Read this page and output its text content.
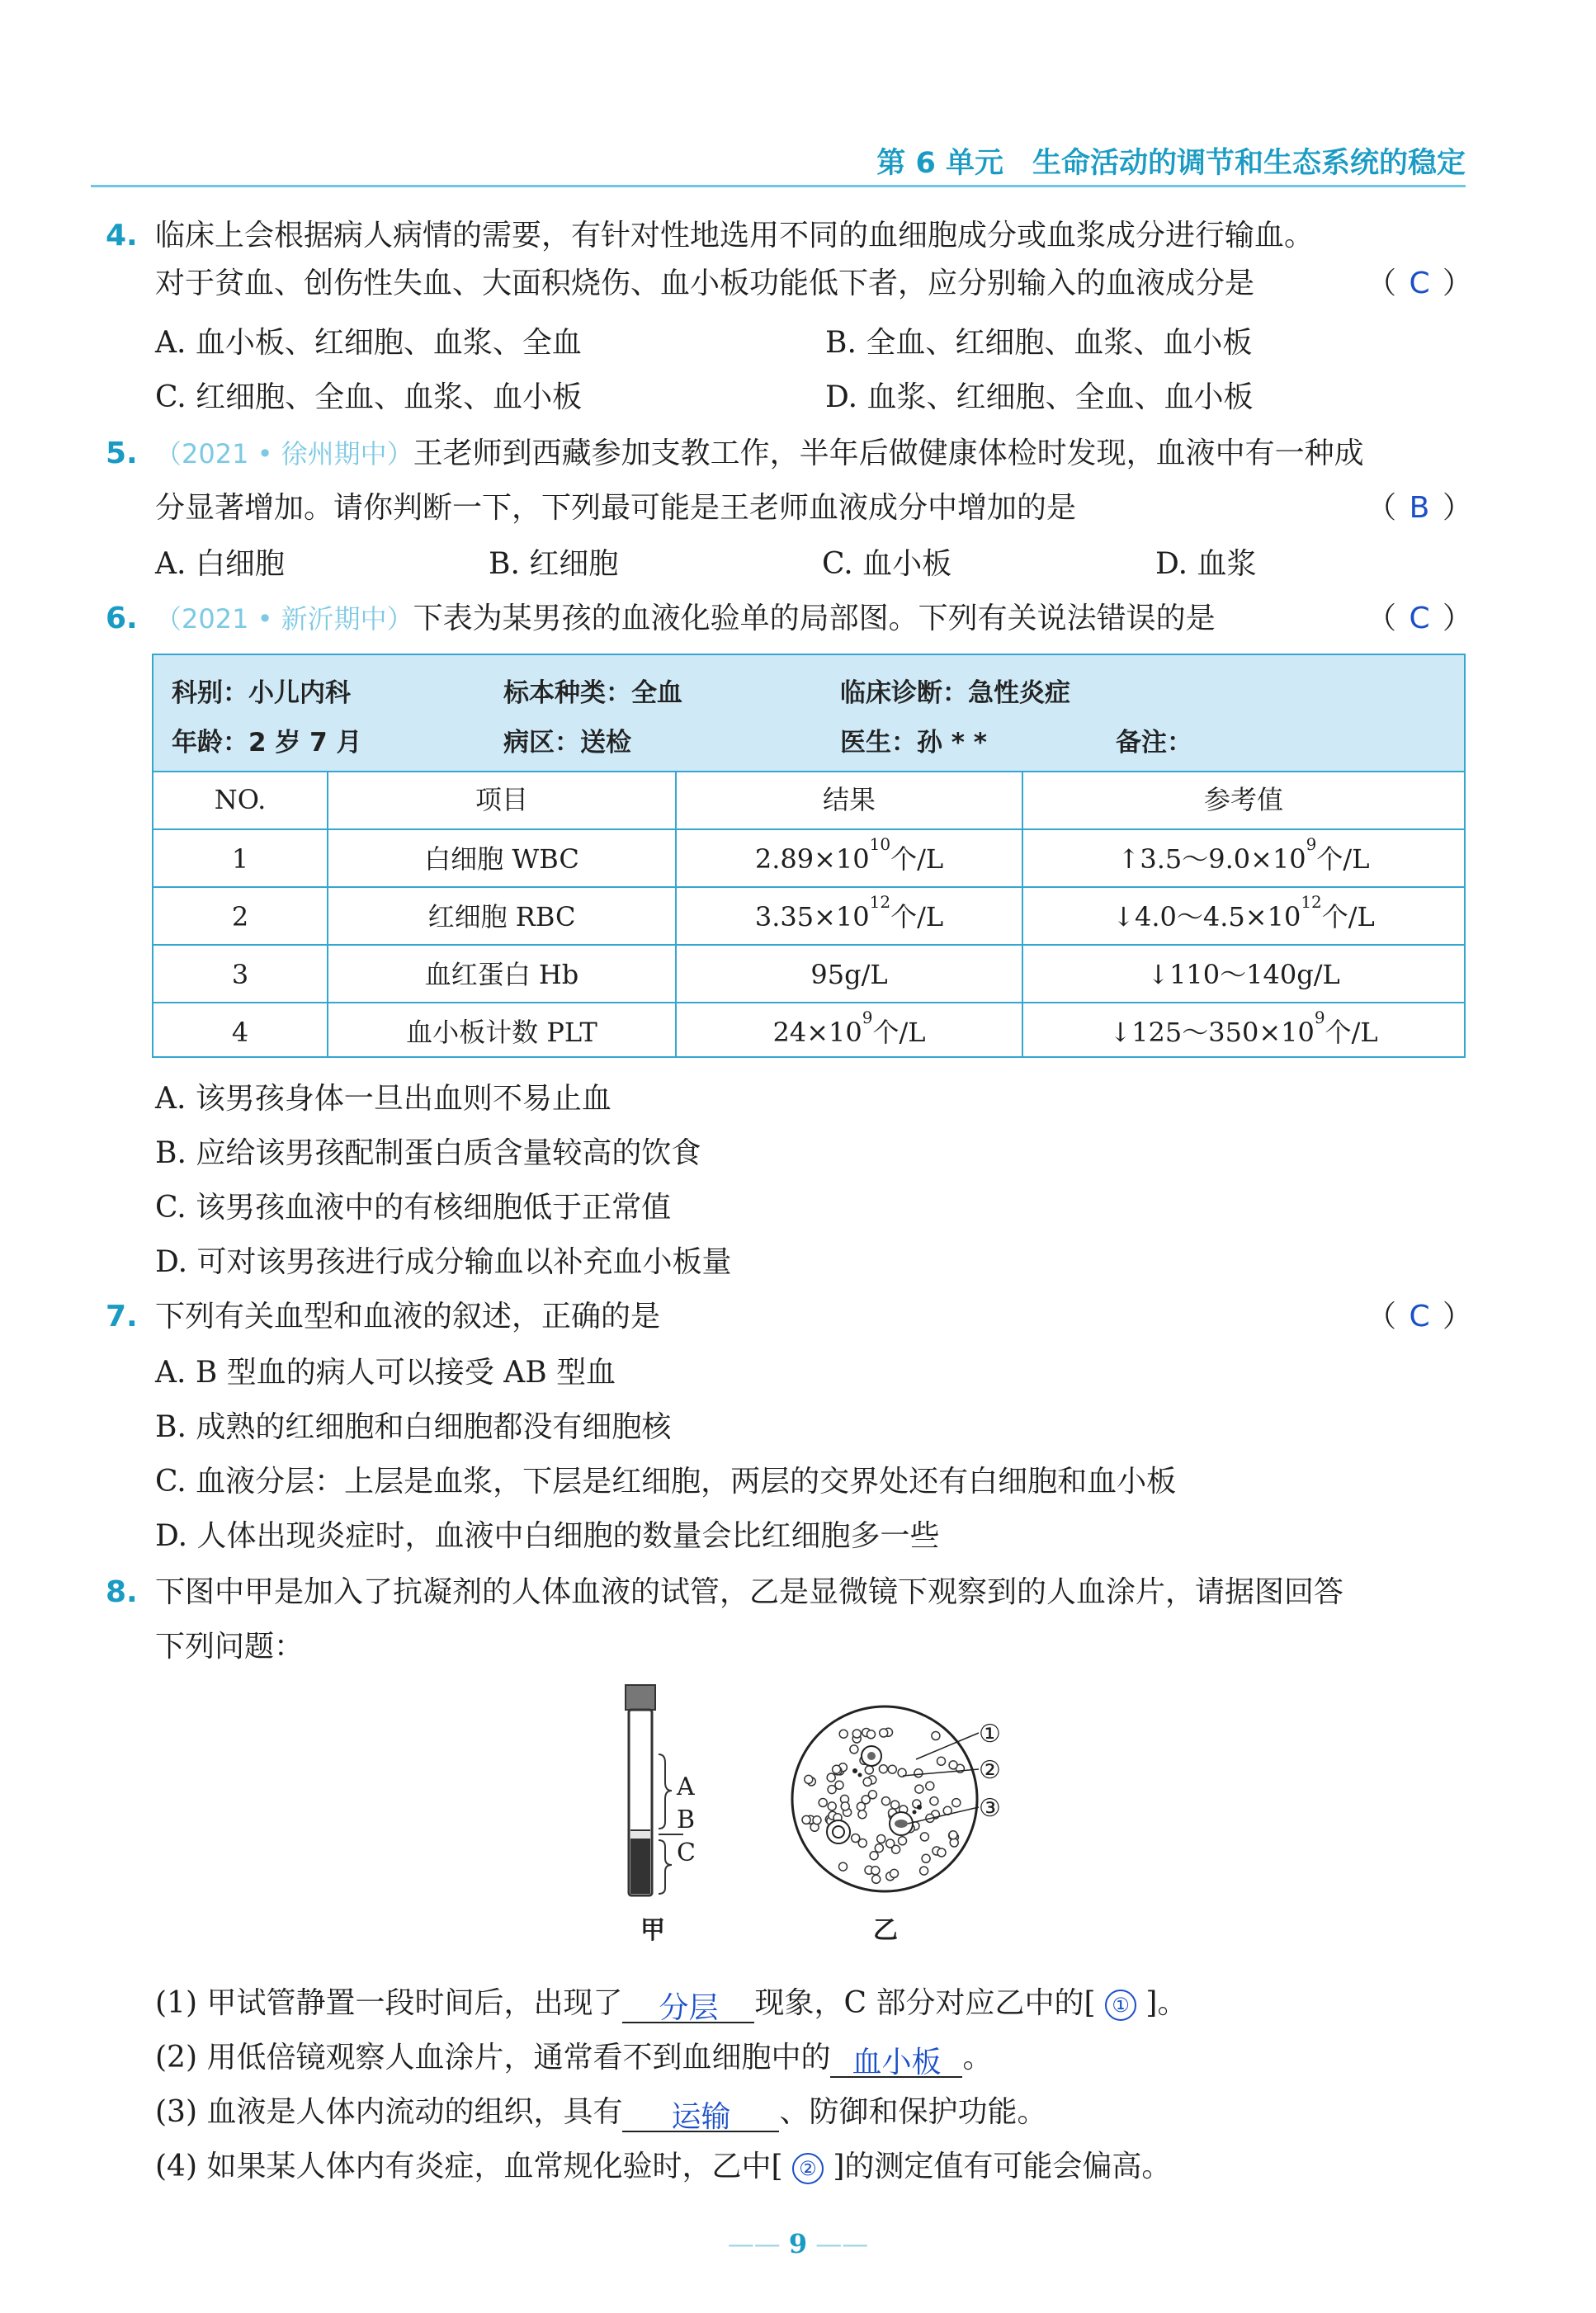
第 6 单元　生命活动的调节和生态系统的稳定
4. 临床上会根据病人病情的需要，有针对性地选用不同的血细胞成分或血浆成分进行输血。
对于贫血、创伤性失血、大面积烧伤、血小板功能低下者，应分别输入的血液成分是	（ C ）
A. 血小板、红细胞、血浆、全血	B. 全血、红细胞、血浆、血小板
C. 红细胞、全血、血浆、血小板	D. 血浆、红细胞、全血、血小板
5. （2021 • 徐州期中）王老师到西藏参加支教工作，半年后做健康体检时发现，血液中有一种成
分显著增加。请你判断一下，下列最可能是王老师血液成分中增加的是	（ B ）
A. 白细胞	B. 红细胞	C. 血小板	D. 血浆
6. （2021 • 新沂期中）下表为某男孩的血液化验单的局部图。下列有关说法错误的是	（ C ）
科别：小儿内科	标本种类：全血	临床诊断：急性炎症
年龄：2 岁 7 月	病区：送检	医生：孙 * *	备注：
NO.	项目	结果	参考值
1	白细胞 WBC	$2.89\times 10^{10}$个/L	$↑3.5\sim 9.0\times 10^9$个/L
2	红细胞 RBC	$3.35\times 10^{12}$个/L	$↓4.0\sim 4.5\times 10^{12}$个/L
3	血红蛋白 Hb	95g/L	↓110～140g/L
4	血小板计数 PLT	$24\times 10^9$个/L	$↓125\sim 350\times 10^9$个/L
A. 该男孩身体一旦出血则不易止血
B. 应给该男孩配制蛋白质含量较高的饮食
C. 该男孩血液中的有核细胞低于正常值
D. 可对该男孩进行成分输血以补充血小板量
7. 下列有关血型和血液的叙述，正确的是	（ C ）
A. B 型血的病人可以接受 AB 型血
B. 成熟的红细胞和白细胞都没有细胞核
C. 血液分层：上层是血浆，下层是红细胞，两层的交界处还有白细胞和血小板
D. 人体出现炎症时，血液中白细胞的数量会比红细胞多一些
8. 下图中甲是加入了抗凝剂的人体血液的试管，乙是显微镜下观察到的人血涂片，请据图回答
下列问题：
A
B
C
甲
①
②
③
乙
(1) 甲试管静置一段时间后，出现了 分层 现象，C 部分对应乙中的[ ① ]。
(2) 用低倍镜观察人血涂片，通常看不到血细胞中的 血小板 。
(3) 血液是人体内流动的组织，具有 运输 、防御和保护功能。
(4) 如果某人体内有炎症，血常规化验时，乙中[ ② ]的测定值有可能会偏高。
—— 9 ——
